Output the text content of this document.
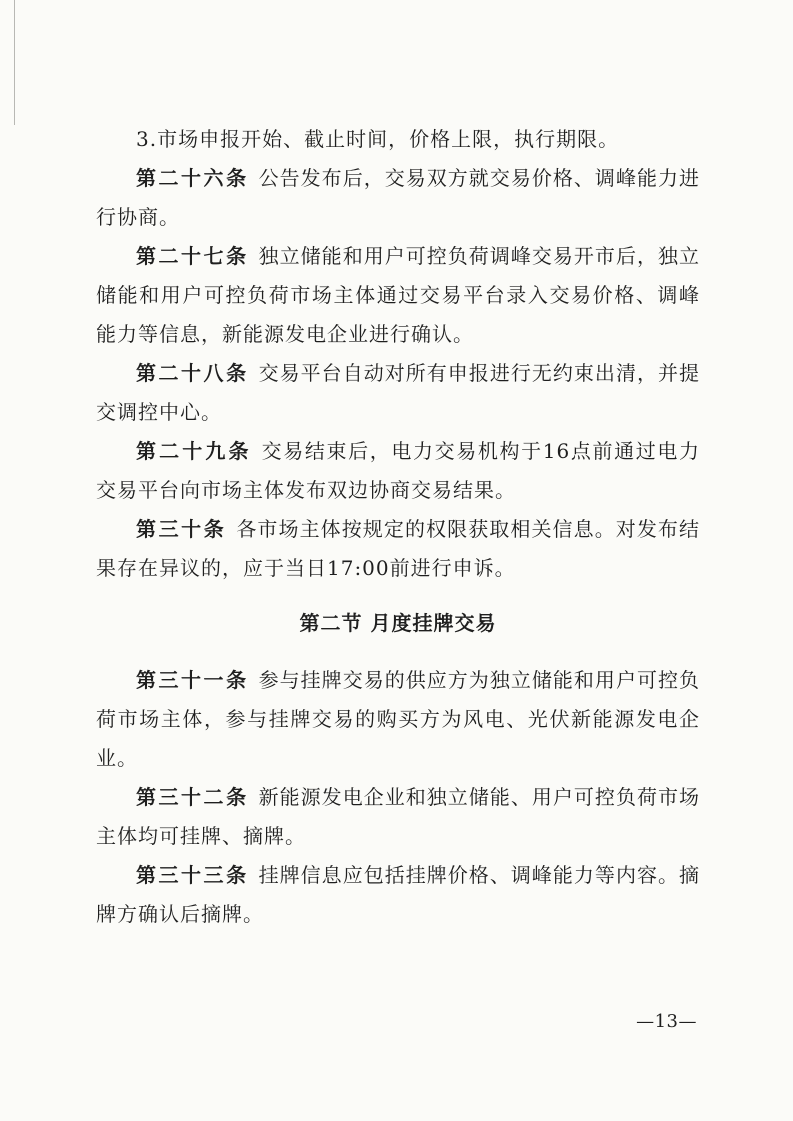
3.市场申报开始、截止时间，价格上限，执行期限。

第二十六条 公告发布后，交易双方就交易价格、调峰能力进行协商。

第二十七条 独立储能和用户可控负荷调峰交易开市后，独立储能和用户可控负荷市场主体通过交易平台录入交易价格、调峰能力等信息，新能源发电企业进行确认。

第二十八条 交易平台自动对所有申报进行无约束出清，并提交调控中心。

第二十九条 交易结束后，电力交易机构于16点前通过电力交易平台向市场主体发布双边协商交易结果。

第三十条 各市场主体按规定的权限获取相关信息。对发布结果存在异议的，应于当日17:00前进行申诉。

第二节 月度挂牌交易

第三十一条 参与挂牌交易的供应方为独立储能和用户可控负荷市场主体，参与挂牌交易的购买方为风电、光伏新能源发电企业。

第三十二条 新能源发电企业和独立储能、用户可控负荷市场主体均可挂牌、摘牌。

第三十三条 挂牌信息应包括挂牌价格、调峰能力等内容。摘牌方确认后摘牌。

—13—
